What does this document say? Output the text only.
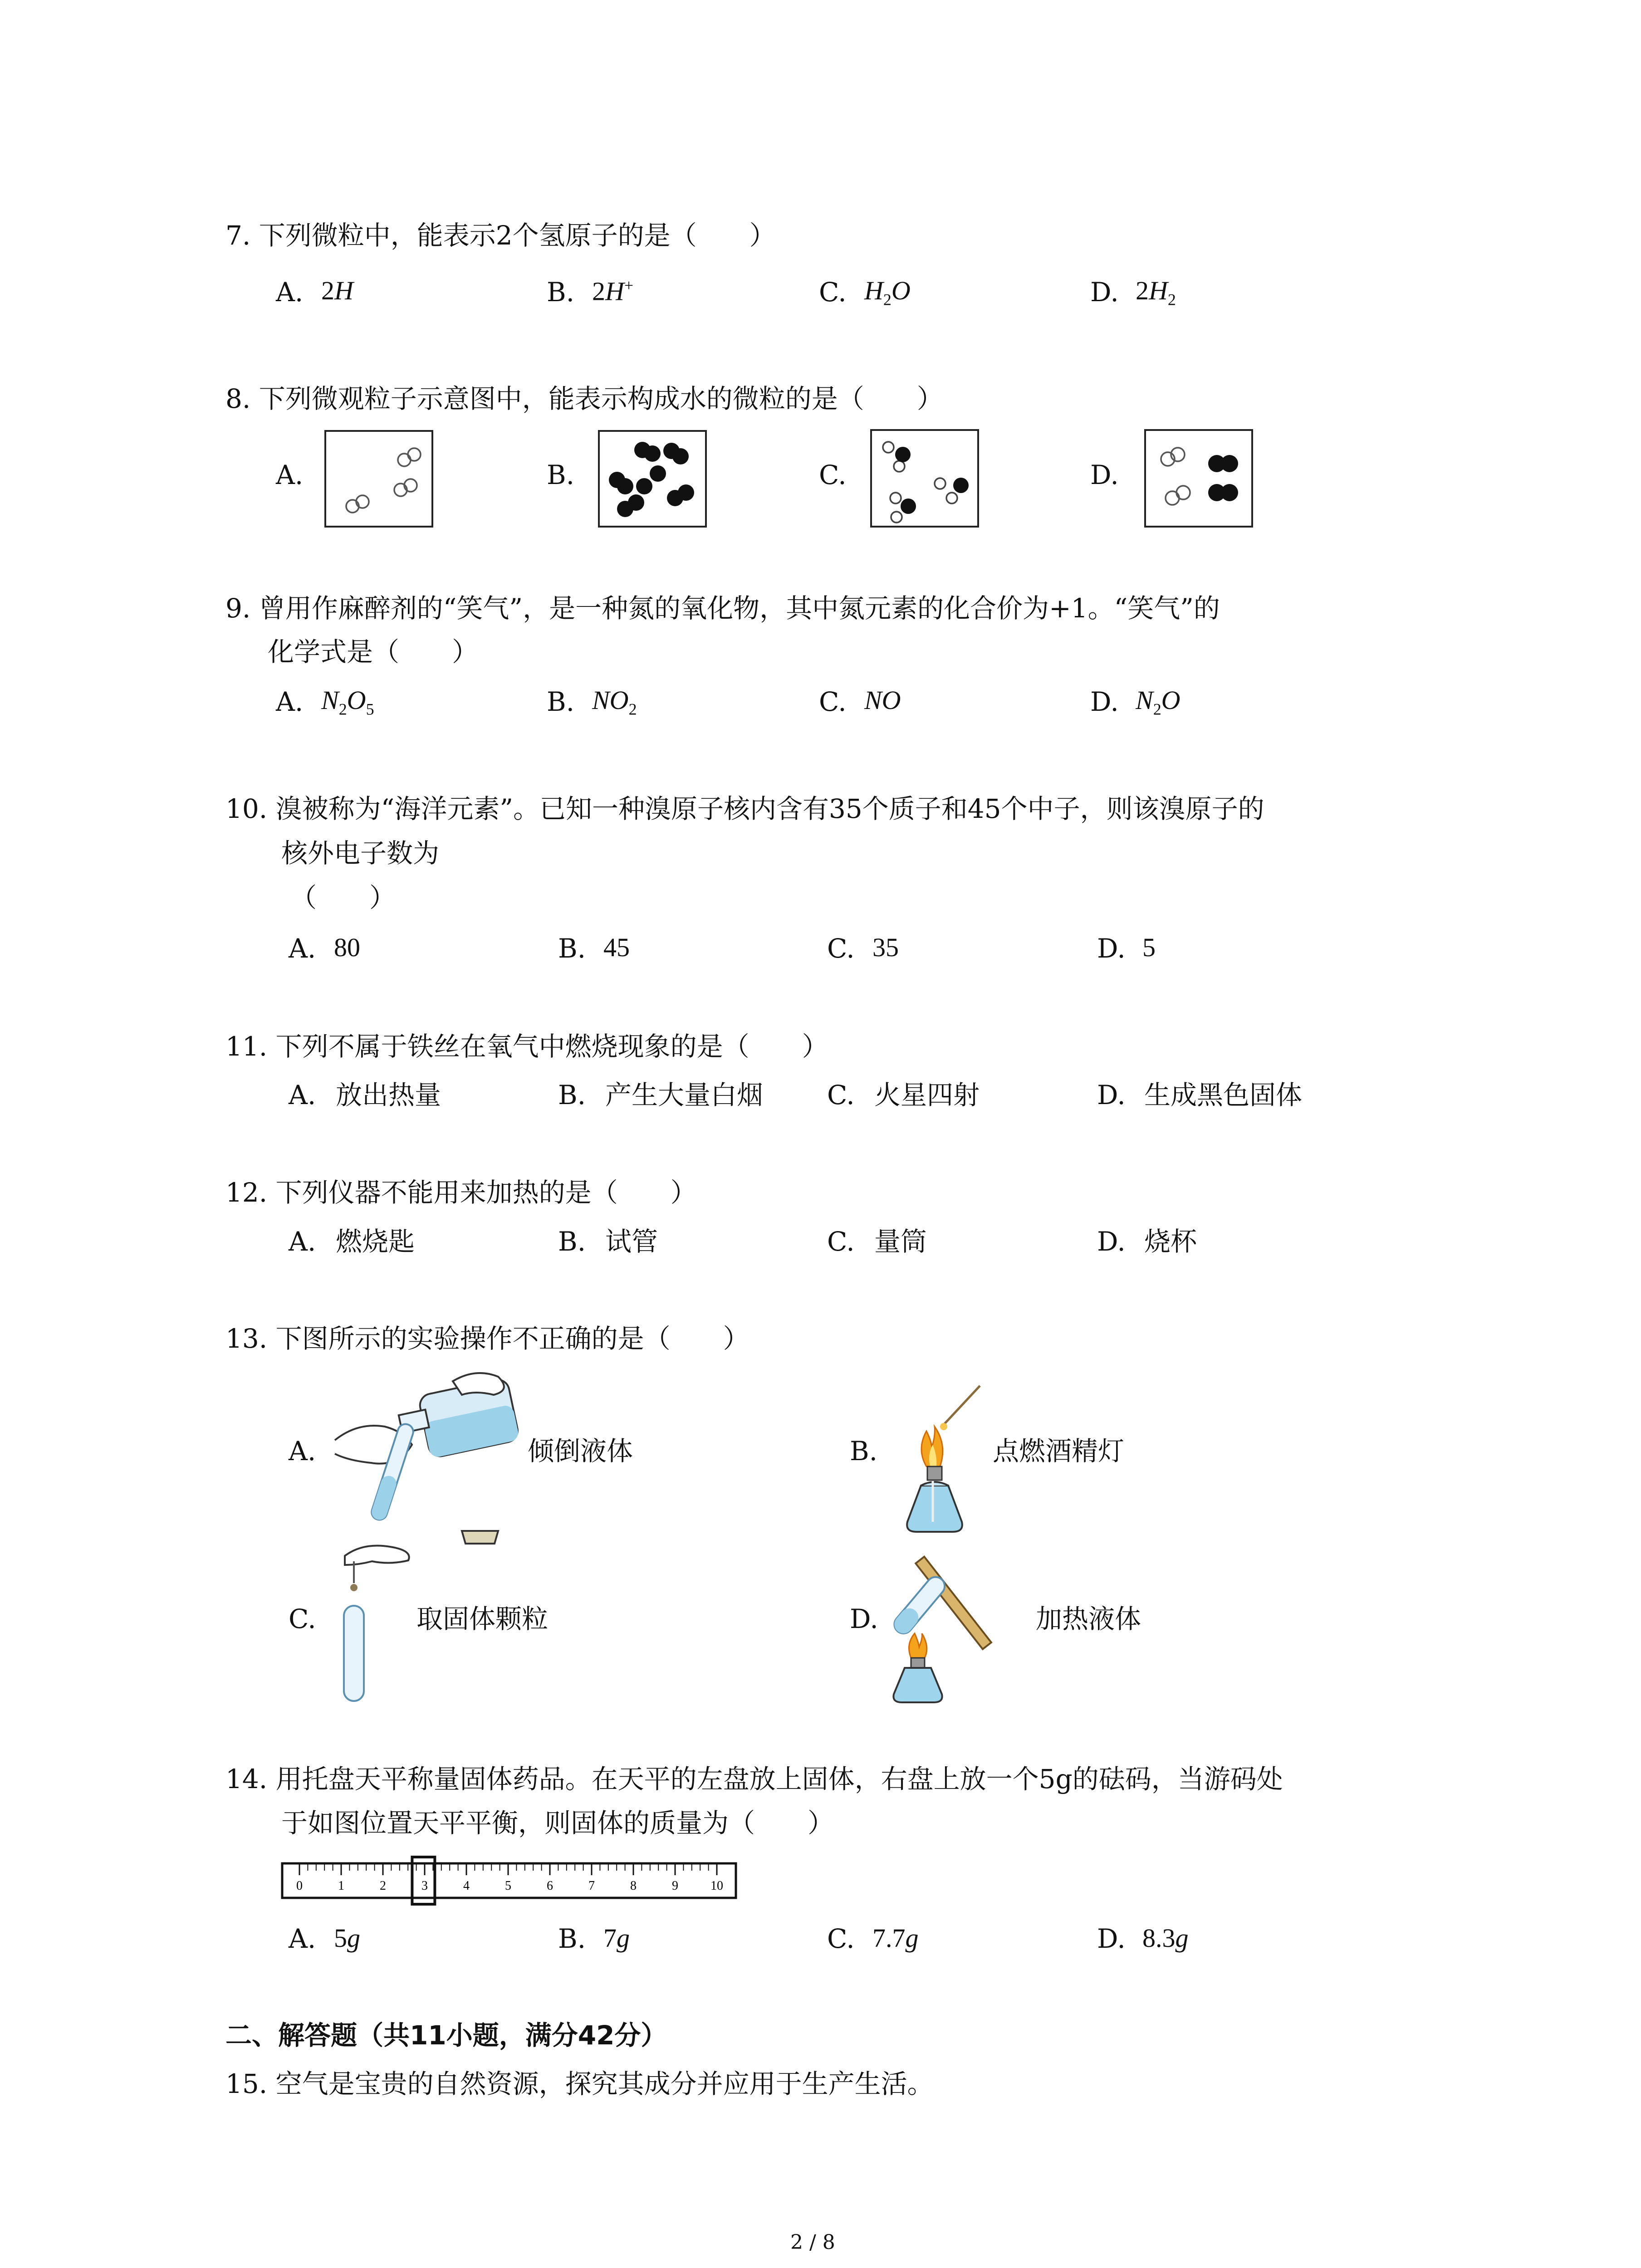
7. 下列微粒中，能表示2个氢原子的是（　　）
A. 2H	B. 2H+	C. $H_2O$	D. $2H_2$
8. 下列微观粒子示意图中，能表示构成水的微粒的是（　　）
A.	B.	C.	D.
9. 曾用作麻醉剂的“笑气”，是一种氮的氧化物，其中氮元素的化合价为+1。“笑气”的
化学式是（　　）
A. $N_2O_5$	B. $NO_2$	C. NO	D. $N_2O$
10. 溴被称为“海洋元素”。已知一种溴原子核内含有35个质子和45个中子，则该溴原子的
核外电子数为
（　　）
A. 80	B. 45	C. 35	D. 5
11. 下列不属于铁丝在氧气中燃烧现象的是（　　）
A. 放出热量	B. 产生大量白烟 C. 火星四射	D. 生成黑色固体
12. 下列仪器不能用来加热的是（　　）
A. 燃烧匙	B. 试管	C. 量筒	D. 烧杯
13. 下图所示的实验操作不正确的是（　　）
A.	倾倒液体	B.	点燃酒精灯
C.	取固体颗粒	D.	加热液体
14. 用托盘天平称量固体药品。在天平的左盘放上固体，右盘上放一个5g的砝码，当游码处
于如图位置天平平衡，则固体的质量为（　　）
0	1	2	3	4	5	6	7	8	9	10
A. 5g	B. 7g	C. 7.7g	D. 8.3g
二、解答题（共11小题，满分42分）
15. 空气是宝贵的自然资源，探究其成分并应用于生产生活。
2 / 8
